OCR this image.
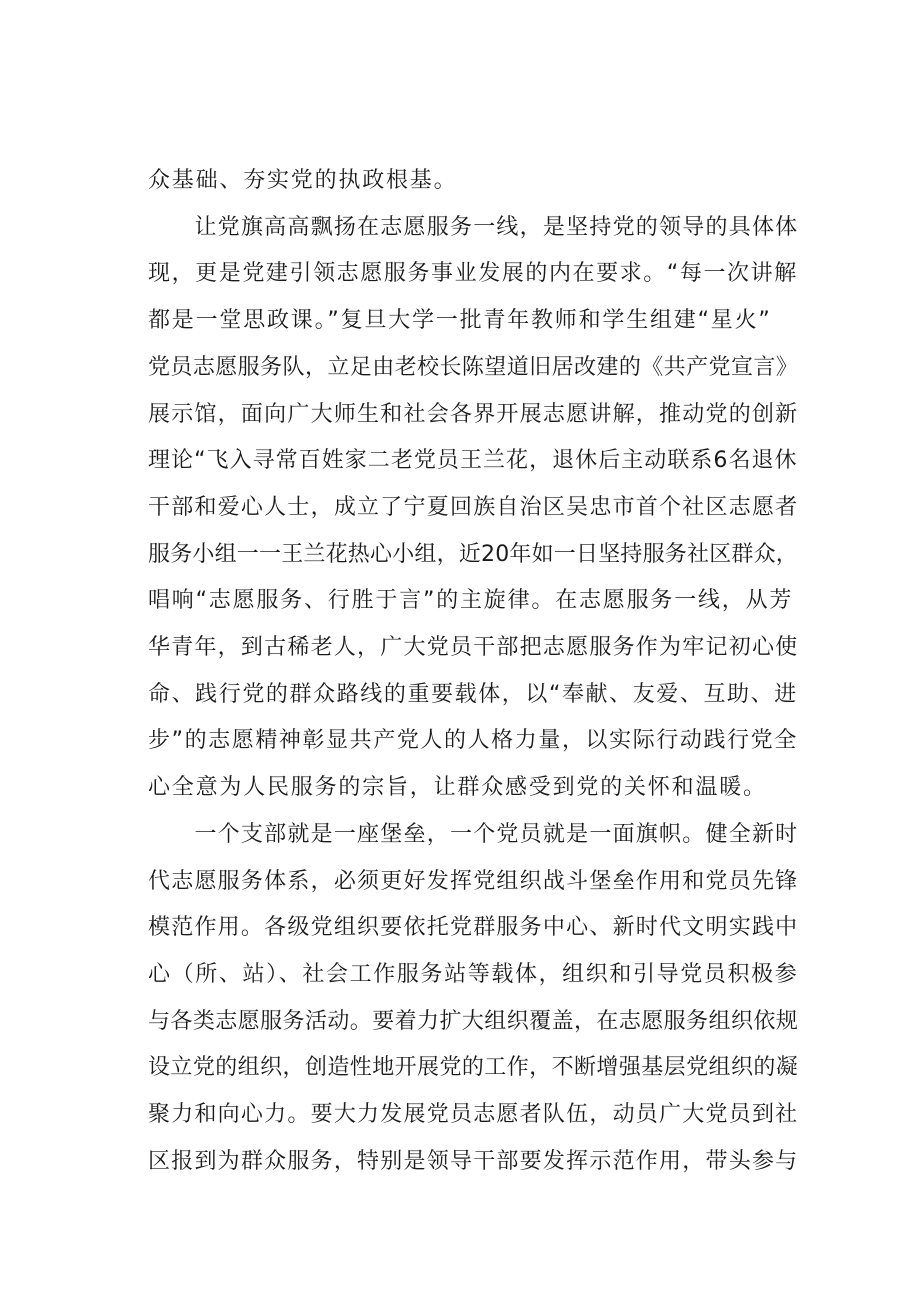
众基础、夯实党的执政根基。
　　让党旗高高飘扬在志愿服务一线，是坚持党的领导的具体体
现，更是党建引领志愿服务事业发展的内在要求。“每一次讲解
都是一堂思政课。”复旦大学一批青年教师和学生组建“星火”
党员志愿服务队，立足由老校长陈望道旧居改建的《共产党宣言》
展示馆，面向广大师生和社会各界开展志愿讲解，推动党的创新
理论“飞入寻常百姓家二老党员王兰花，退休后主动联系6名退休
干部和爱心人士，成立了宁夏回族自治区吴忠市首个社区志愿者
服务小组一一王兰花热心小组，近20年如一日坚持服务社区群众，
唱响“志愿服务、行胜于言”的主旋律。在志愿服务一线，从芳
华青年，到古稀老人，广大党员干部把志愿服务作为牢记初心使
命、践行党的群众路线的重要载体，以“奉献、友爱、互助、进
步”的志愿精神彰显共产党人的人格力量，以实际行动践行党全
心全意为人民服务的宗旨，让群众感受到党的关怀和温暖。
　　一个支部就是一座堡垒，一个党员就是一面旗帜。健全新时
代志愿服务体系，必须更好发挥党组织战斗堡垒作用和党员先锋
模范作用。各级党组织要依托党群服务中心、新时代文明实践中
心（所、站）、社会工作服务站等载体，组织和引导党员积极参
与各类志愿服务活动。要着力扩大组织覆盖，在志愿服务组织依规
设立党的组织，创造性地开展党的工作，不断增强基层党组织的凝
聚力和向心力。要大力发展党员志愿者队伍，动员广大党员到社
区报到为群众服务，特别是领导干部要发挥示范作用，带头参与
